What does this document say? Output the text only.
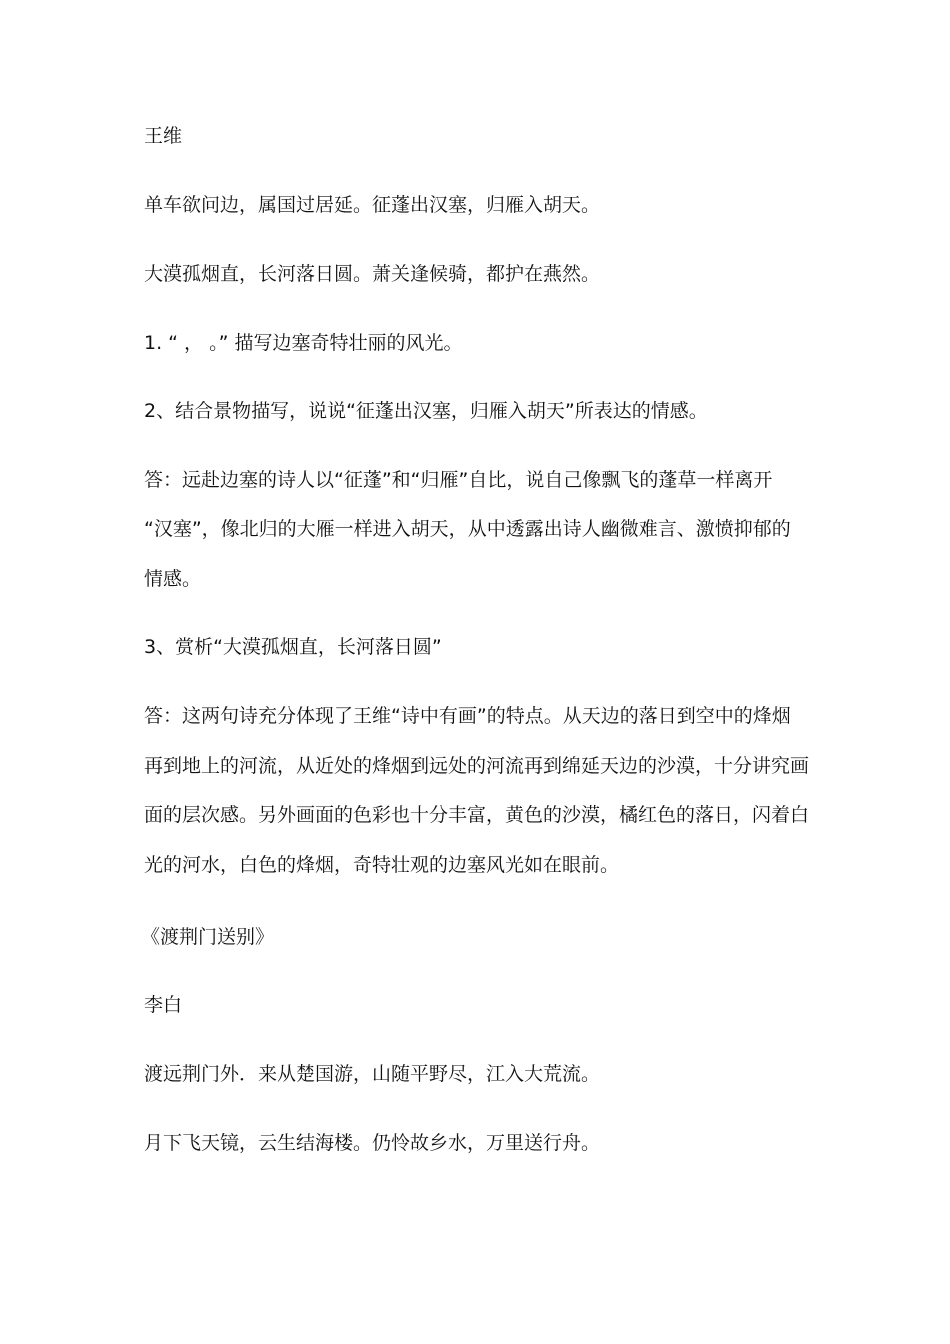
王维
单车欲问边，属国过居延。征蓬出汉塞，归雁入胡天。
大漠孤烟直，长河落日圆。萧关逢候骑，都护在燕然。
1. “ ， 。” 描写边塞奇特壮丽的风光。
2、结合景物描写，说说“征蓬出汉塞，归雁入胡天”所表达的情感。
答：远赴边塞的诗人以“征蓬”和“归雁”自比，说自己像飘飞的蓬草一样离开
“汉塞”，像北归的大雁一样进入胡天，从中透露出诗人幽微难言、激愤抑郁的
情感。
3、赏析“大漠孤烟直，长河落日圆”
答：这两句诗充分体现了王维“诗中有画”的特点。从天边的落日到空中的烽烟
再到地上的河流，从近处的烽烟到远处的河流再到绵延天边的沙漠，十分讲究画
面的层次感。另外画面的色彩也十分丰富，黄色的沙漠，橘红色的落日，闪着白
光的河水，白色的烽烟，奇特壮观的边塞风光如在眼前。
《渡荆门送别》
李白
渡远荆门外．来从楚国游，山随平野尽，江入大荒流。
月下飞天镜，云生结海楼。仍怜故乡水，万里送行舟。
